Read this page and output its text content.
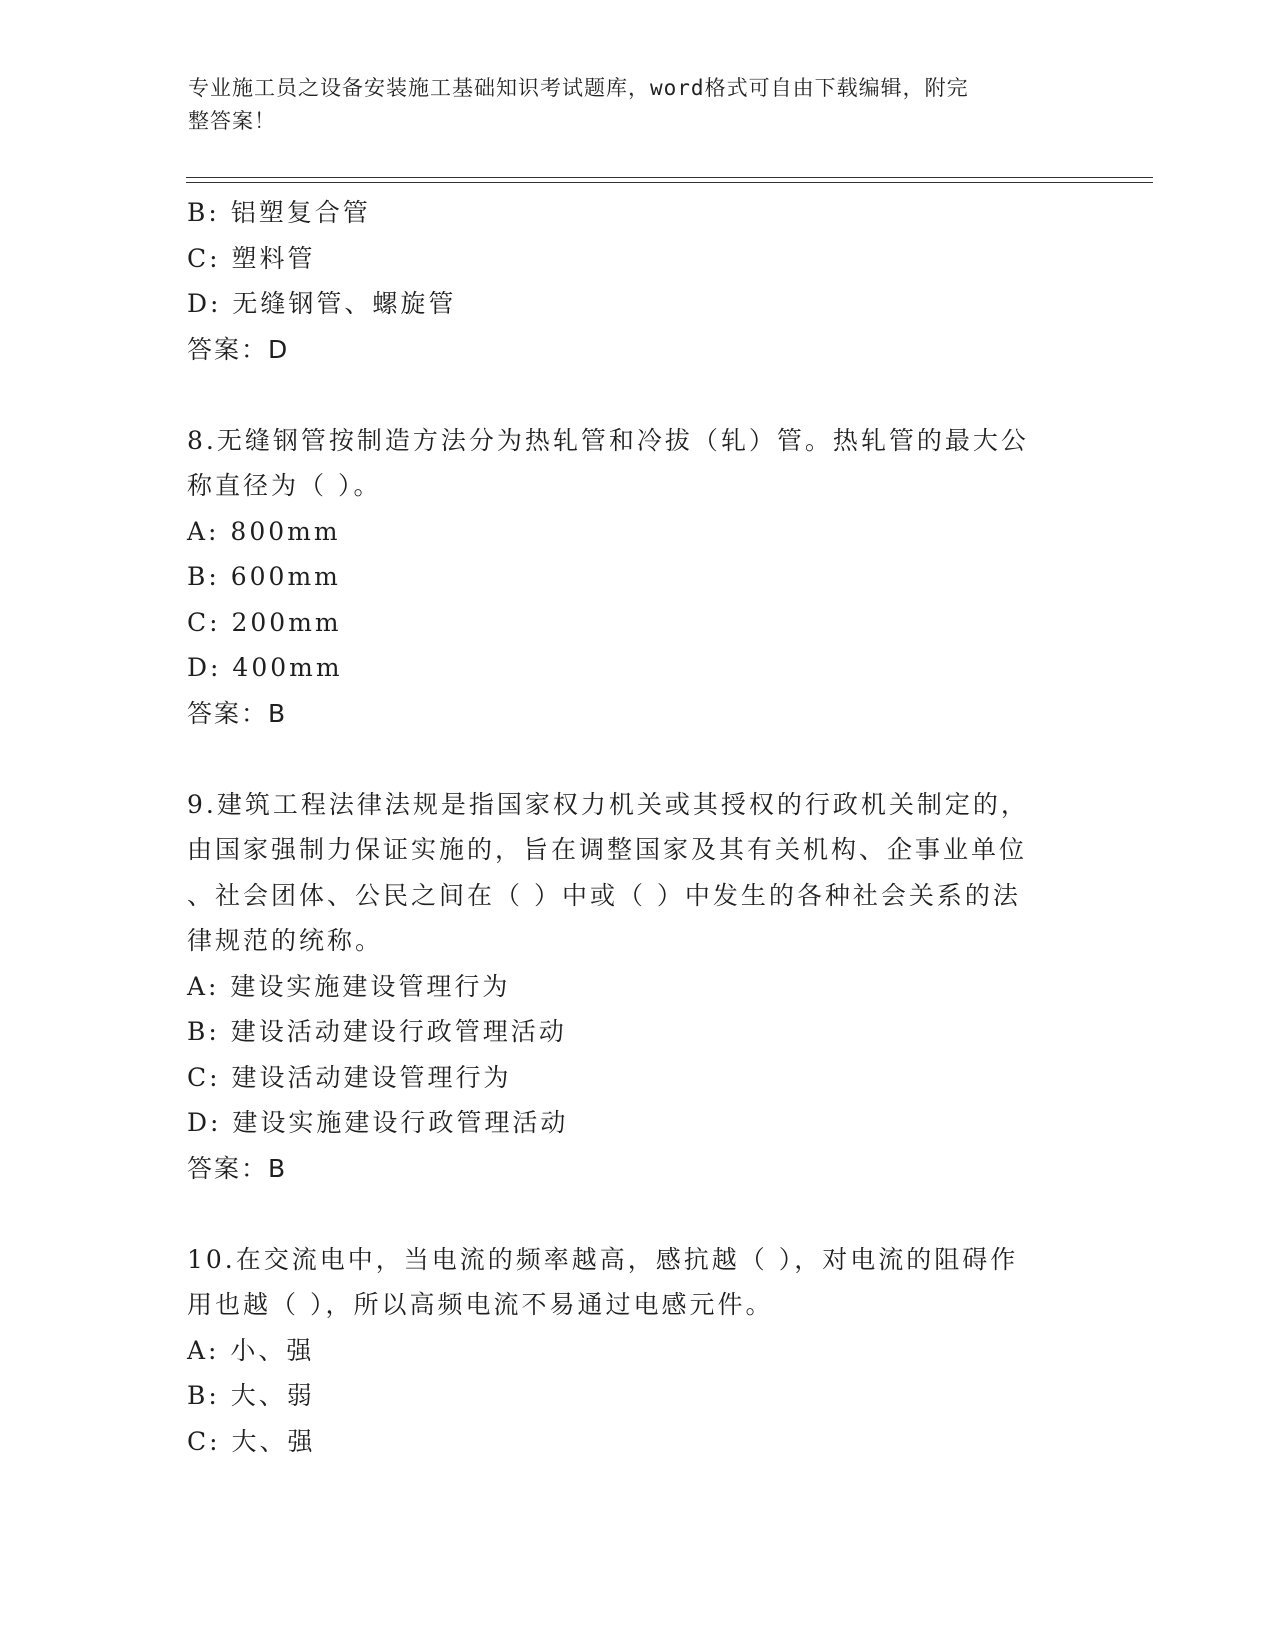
专业施工员之设备安装施工基础知识考试题库，word格式可自由下载编辑，附完
整答案！
B: 铝塑复合管
C: 塑料管
D: 无缝钢管、螺旋管
答案：D
8.无缝钢管按制造方法分为热轧管和冷拔（轧）管。热轧管的最大公
称直径为（ ）。
A: 800mm
B: 600mm
C: 200mm
D: 400mm
答案：B
9.建筑工程法律法规是指国家权力机关或其授权的行政机关制定的，
由国家强制力保证实施的，旨在调整国家及其有关机构、企事业单位
、社会团体、公民之间在（ ）中或（ ）中发生的各种社会关系的法
律规范的统称。
A: 建设实施建设管理行为
B: 建设活动建设行政管理活动
C: 建设活动建设管理行为
D: 建设实施建设行政管理活动
答案：B
10.在交流电中，当电流的频率越高，感抗越（ ），对电流的阻碍作
用也越（ ），所以高频电流不易通过电感元件。
A: 小、强
B: 大、弱
C: 大、强
